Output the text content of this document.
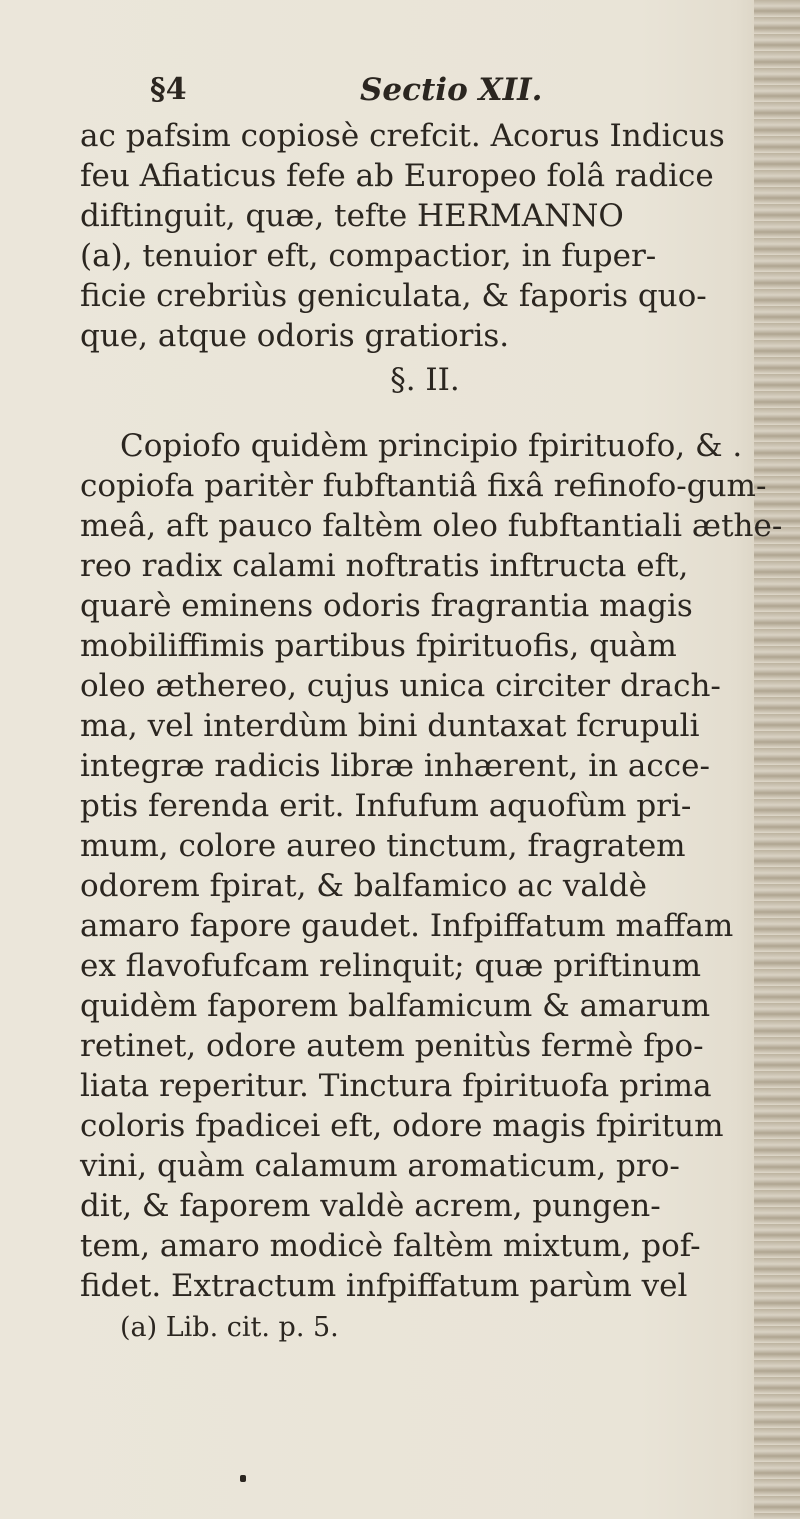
§4	Sectio XII.
ac pafsim copiosè crefcit. Acorus Indicus
feu Afiaticus fefe ab Europeo folâ radice
diftinguit, quæ, tefte HERMANNO
(a), tenuior eft, compactior, in fuper-
ficie crebriùs geniculata, & faporis quo-
que, atque odoris gratioris.
§. II.
Copiofo quidèm principio fpirituofo, & .
copiofa paritèr fubftantiâ fixâ refinofo-gum-
meâ, aft pauco faltèm oleo fubftantiali æthe-
reo radix calami noftratis inftructa eft,
quarè eminens odoris fragrantia magis
mobiliffimis partibus fpirituofis, quàm
oleo æthereo, cujus unica circiter drach-
ma, vel interdùm bini duntaxat fcrupuli
integræ radicis libræ inhærent, in acce-
ptis ferenda erit. Infufum aquofùm pri-
mum, colore aureo tinctum, fragratem
odorem fpirat, & balfamico ac valdè
amaro fapore gaudet. Infpiffatum maffam
ex flavofufcam relinquit; quæ priftinum
quidèm faporem balfamicum & amarum
retinet, odore autem penitùs fermè fpo-
liata reperitur. Tinctura fpirituofa prima
coloris fpadicei eft, odore magis fpiritum
vini, quàm calamum aromaticum, pro-
dit, & faporem valdè acrem, pungen-
tem, amaro modicè faltèm mixtum, pof-
fidet. Extractum infpiffatum parùm vel
(a) Lib. cit. p. 5.
